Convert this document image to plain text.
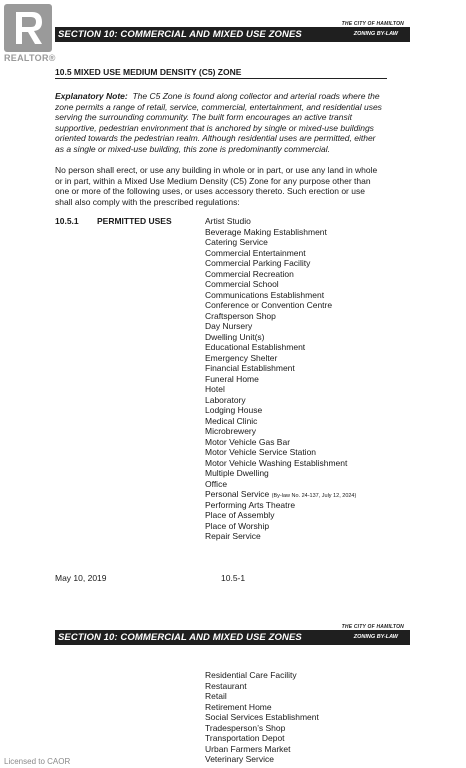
REALTOR®
THE CITY OF HAMILTON
SECTION 10: COMMERCIAL AND MIXED USE ZONES	ZONING BY-LAW
10.5 MIXED USE MEDIUM DENSITY (C5) ZONE
Explanatory Note: The C5 Zone is found along collector and arterial roads where the
zone permits a range of retail, service, commercial, entertainment, and residential uses
serving the surrounding community. The built form encourages an active transit
supportive, pedestrian environment that is anchored by single or mixed-use buildings
oriented towards the pedestrian realm. Although residential uses are permitted, either
as a single or mixed-use building, this zone is predominantly commercial.
No person shall erect, or use any building in whole or in part, or use any land in whole
or in part, within a Mixed Use Medium Density (C5) Zone for any purpose other than
one or more of the following uses, or uses accessory thereto. Such erection or use
shall also comply with the prescribed regulations:
10.5.1 PERMITTED USES	Artist Studio
Beverage Making Establishment
Catering Service
Commercial Entertainment
Commercial Parking Facility
Commercial Recreation
Commercial School
Communications Establishment
Conference or Convention Centre
Craftsperson Shop
Day Nursery
Dwelling Unit(s)
Educational Establishment
Emergency Shelter
Financial Establishment
Funeral Home
Hotel
Laboratory
Lodging House
Medical Clinic
Microbrewery
Motor Vehicle Gas Bar
Motor Vehicle Service Station
Motor Vehicle Washing Establishment
Multiple Dwelling
Office
Personal Service (By-law No. 24-137, July 12, 2024)
Performing Arts Theatre
Place of Assembly
Place of Worship
Repair Service
May 10, 2019	10.5-1
THE CITY OF HAMILTON
SECTION 10: COMMERCIAL AND MIXED USE ZONES	ZONING BY-LAW
Residential Care Facility
Restaurant
Retail
Retirement Home
Social Services Establishment
Tradesperson’s Shop
Transportation Depot
Urban Farmers Market
Veterinary Service
Licensed to CAOR
